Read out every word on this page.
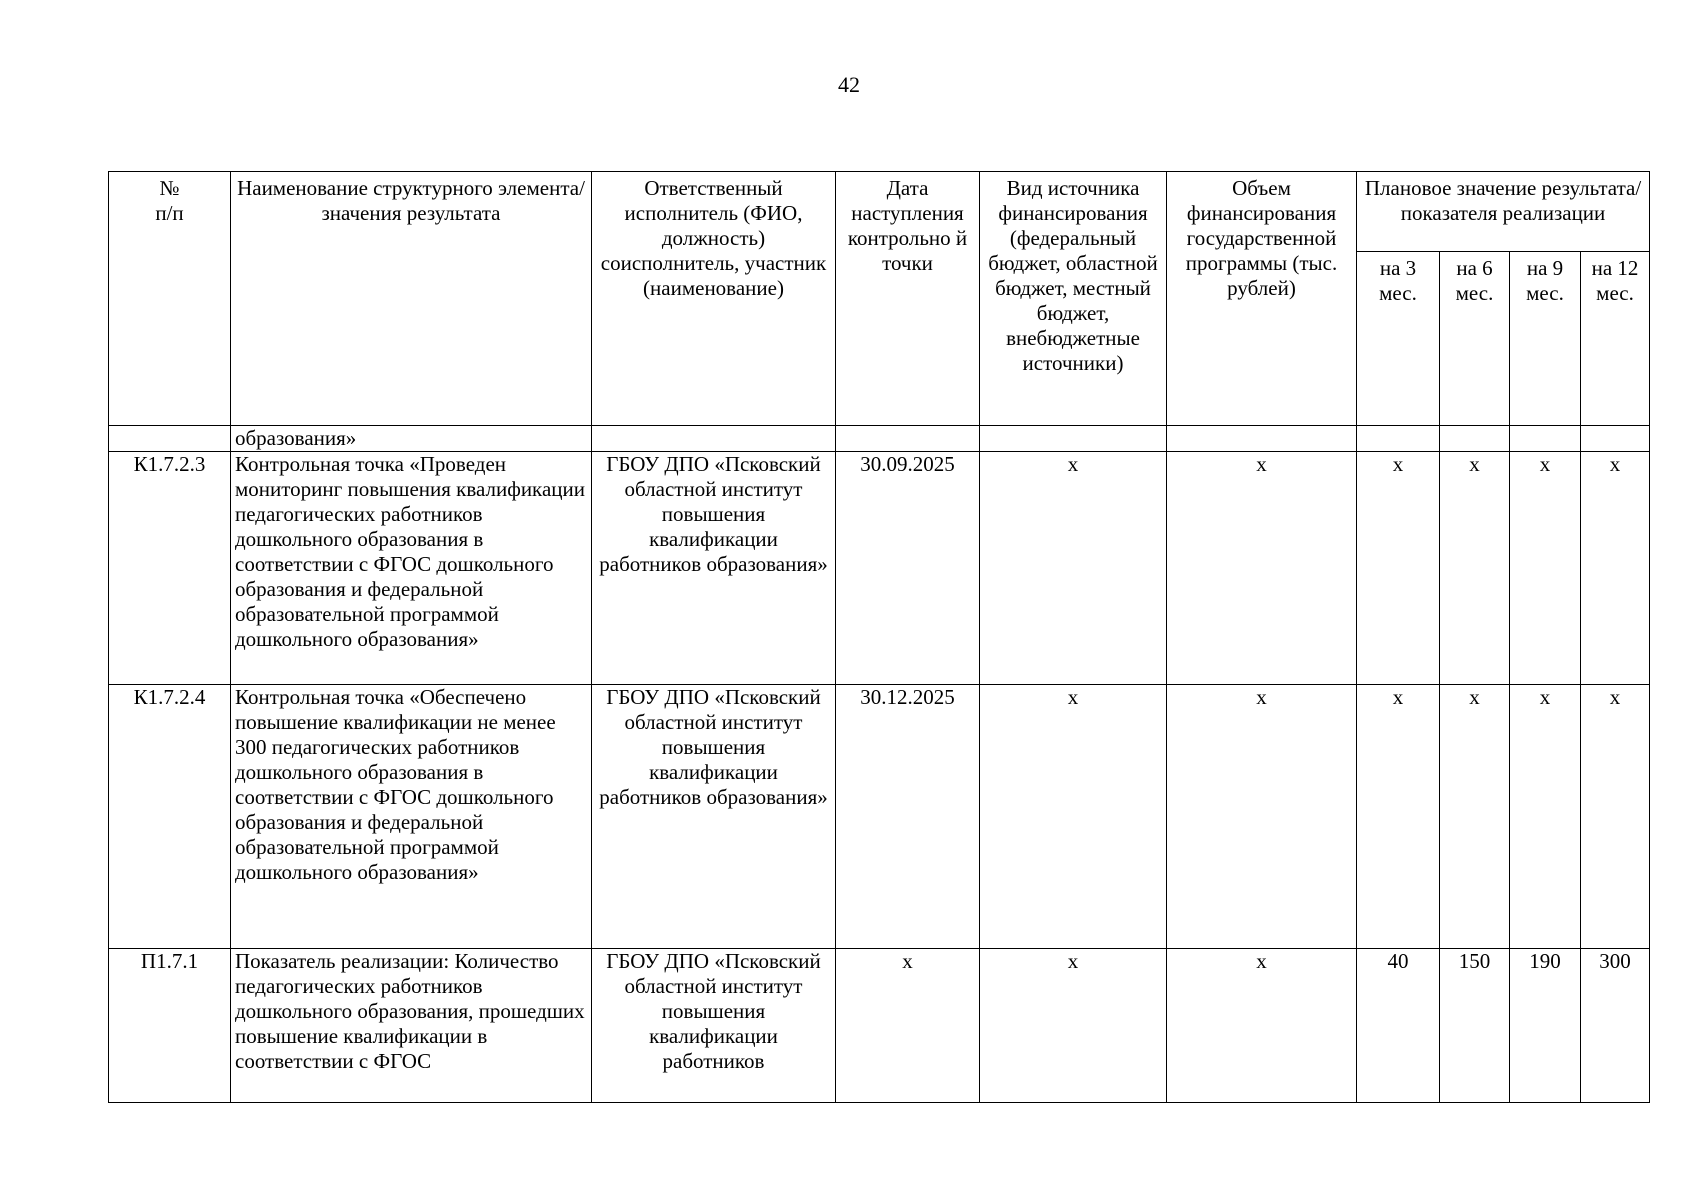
42
№
п/п	Наименование структурного элемента/ значения результата	Ответственный исполнитель (ФИО, должность) соисполнитель, участник (наименование)	Дата наступления контрольно й точки	Вид источника финансирования (федеральный бюджет, областной бюджет, местный бюджет, внебюджетные источники)	Объем финансирования государственной программы (тыс. рублей)	Плановое значение результата/показателя реализации			
						на 3 мес.	на 6 мес.	на 9 мес.	на 12 мес.
	образования»								
К1.7.2.3	Контрольная точка «Проведен мониторинг повышения квалификации педагогических работников дошкольного образования в соответствии с ФГОС дошкольного образования и федеральной образовательной программой дошкольного образования»	ГБОУ ДПО «Псковский областной институт повышения квалификации работников образования»	30.09.2025	х	х	х	х	х	х
К1.7.2.4	Контрольная точка «Обеспечено повышение квалификации не менее 300 педагогических работников дошкольного образования в соответствии с ФГОС дошкольного образования и федеральной образовательной программой дошкольного образования»	ГБОУ ДПО «Псковский областной институт повышения квалификации работников образования»	30.12.2025	х	х	х	х	х	х
П1.7.1	Показатель реализации: Количество педагогических работников дошкольного образования, прошедших повышение квалификации в соответствии с ФГОС	ГБОУ ДПО «Псковский областной институт повышения квалификации работников	х	х	х	40	150	190	300
